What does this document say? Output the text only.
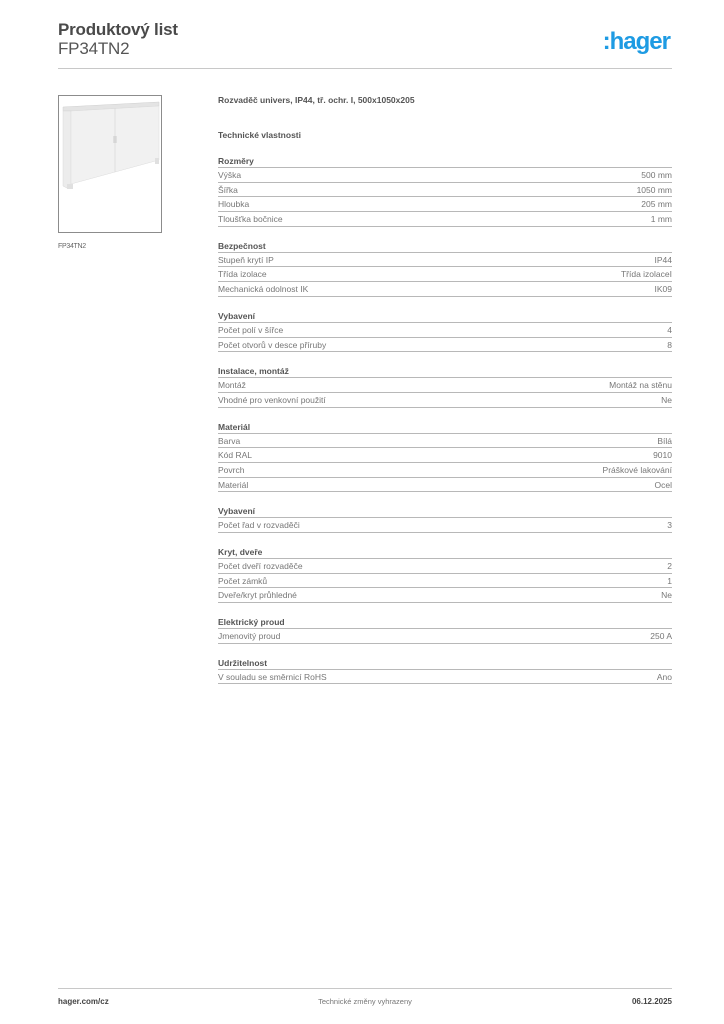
Produktový list
FP34TN2	:hager
FP34TN2
Rozvaděč univers, IP44, tř. ochr. I, 500x1050x205
Technické vlastnosti
Rozměry
Výška	500 mm
Šířka	1050 mm
Hloubka	205 mm
Tloušťka bočnice	1 mm
Bezpečnost
Stupeň krytí IP	IP44
Třída izolace	Třída izolaceI
Mechanická odolnost IK	IK09
Vybavení
Počet polí v šířce	4
Počet otvorů v desce příruby	8
Instalace, montáž
Montáž	Montáž na stěnu
Vhodné pro venkovní použití	Ne
Materiál
Barva	Bílá
Kód RAL	9010
Povrch	Práškové lakování
Materiál	Ocel
Vybavení
Počet řad v rozvaděči	3
Kryt, dveře
Počet dveří rozvaděče	2
Počet zámků	1
Dveře/kryt průhledné	Ne
Elektrický proud
Jmenovitý proud	250 A
Udržitelnost
V souladu se směrnicí RoHS	Ano
hager.com/cz	Technické změny vyhrazeny	06.12.2025
